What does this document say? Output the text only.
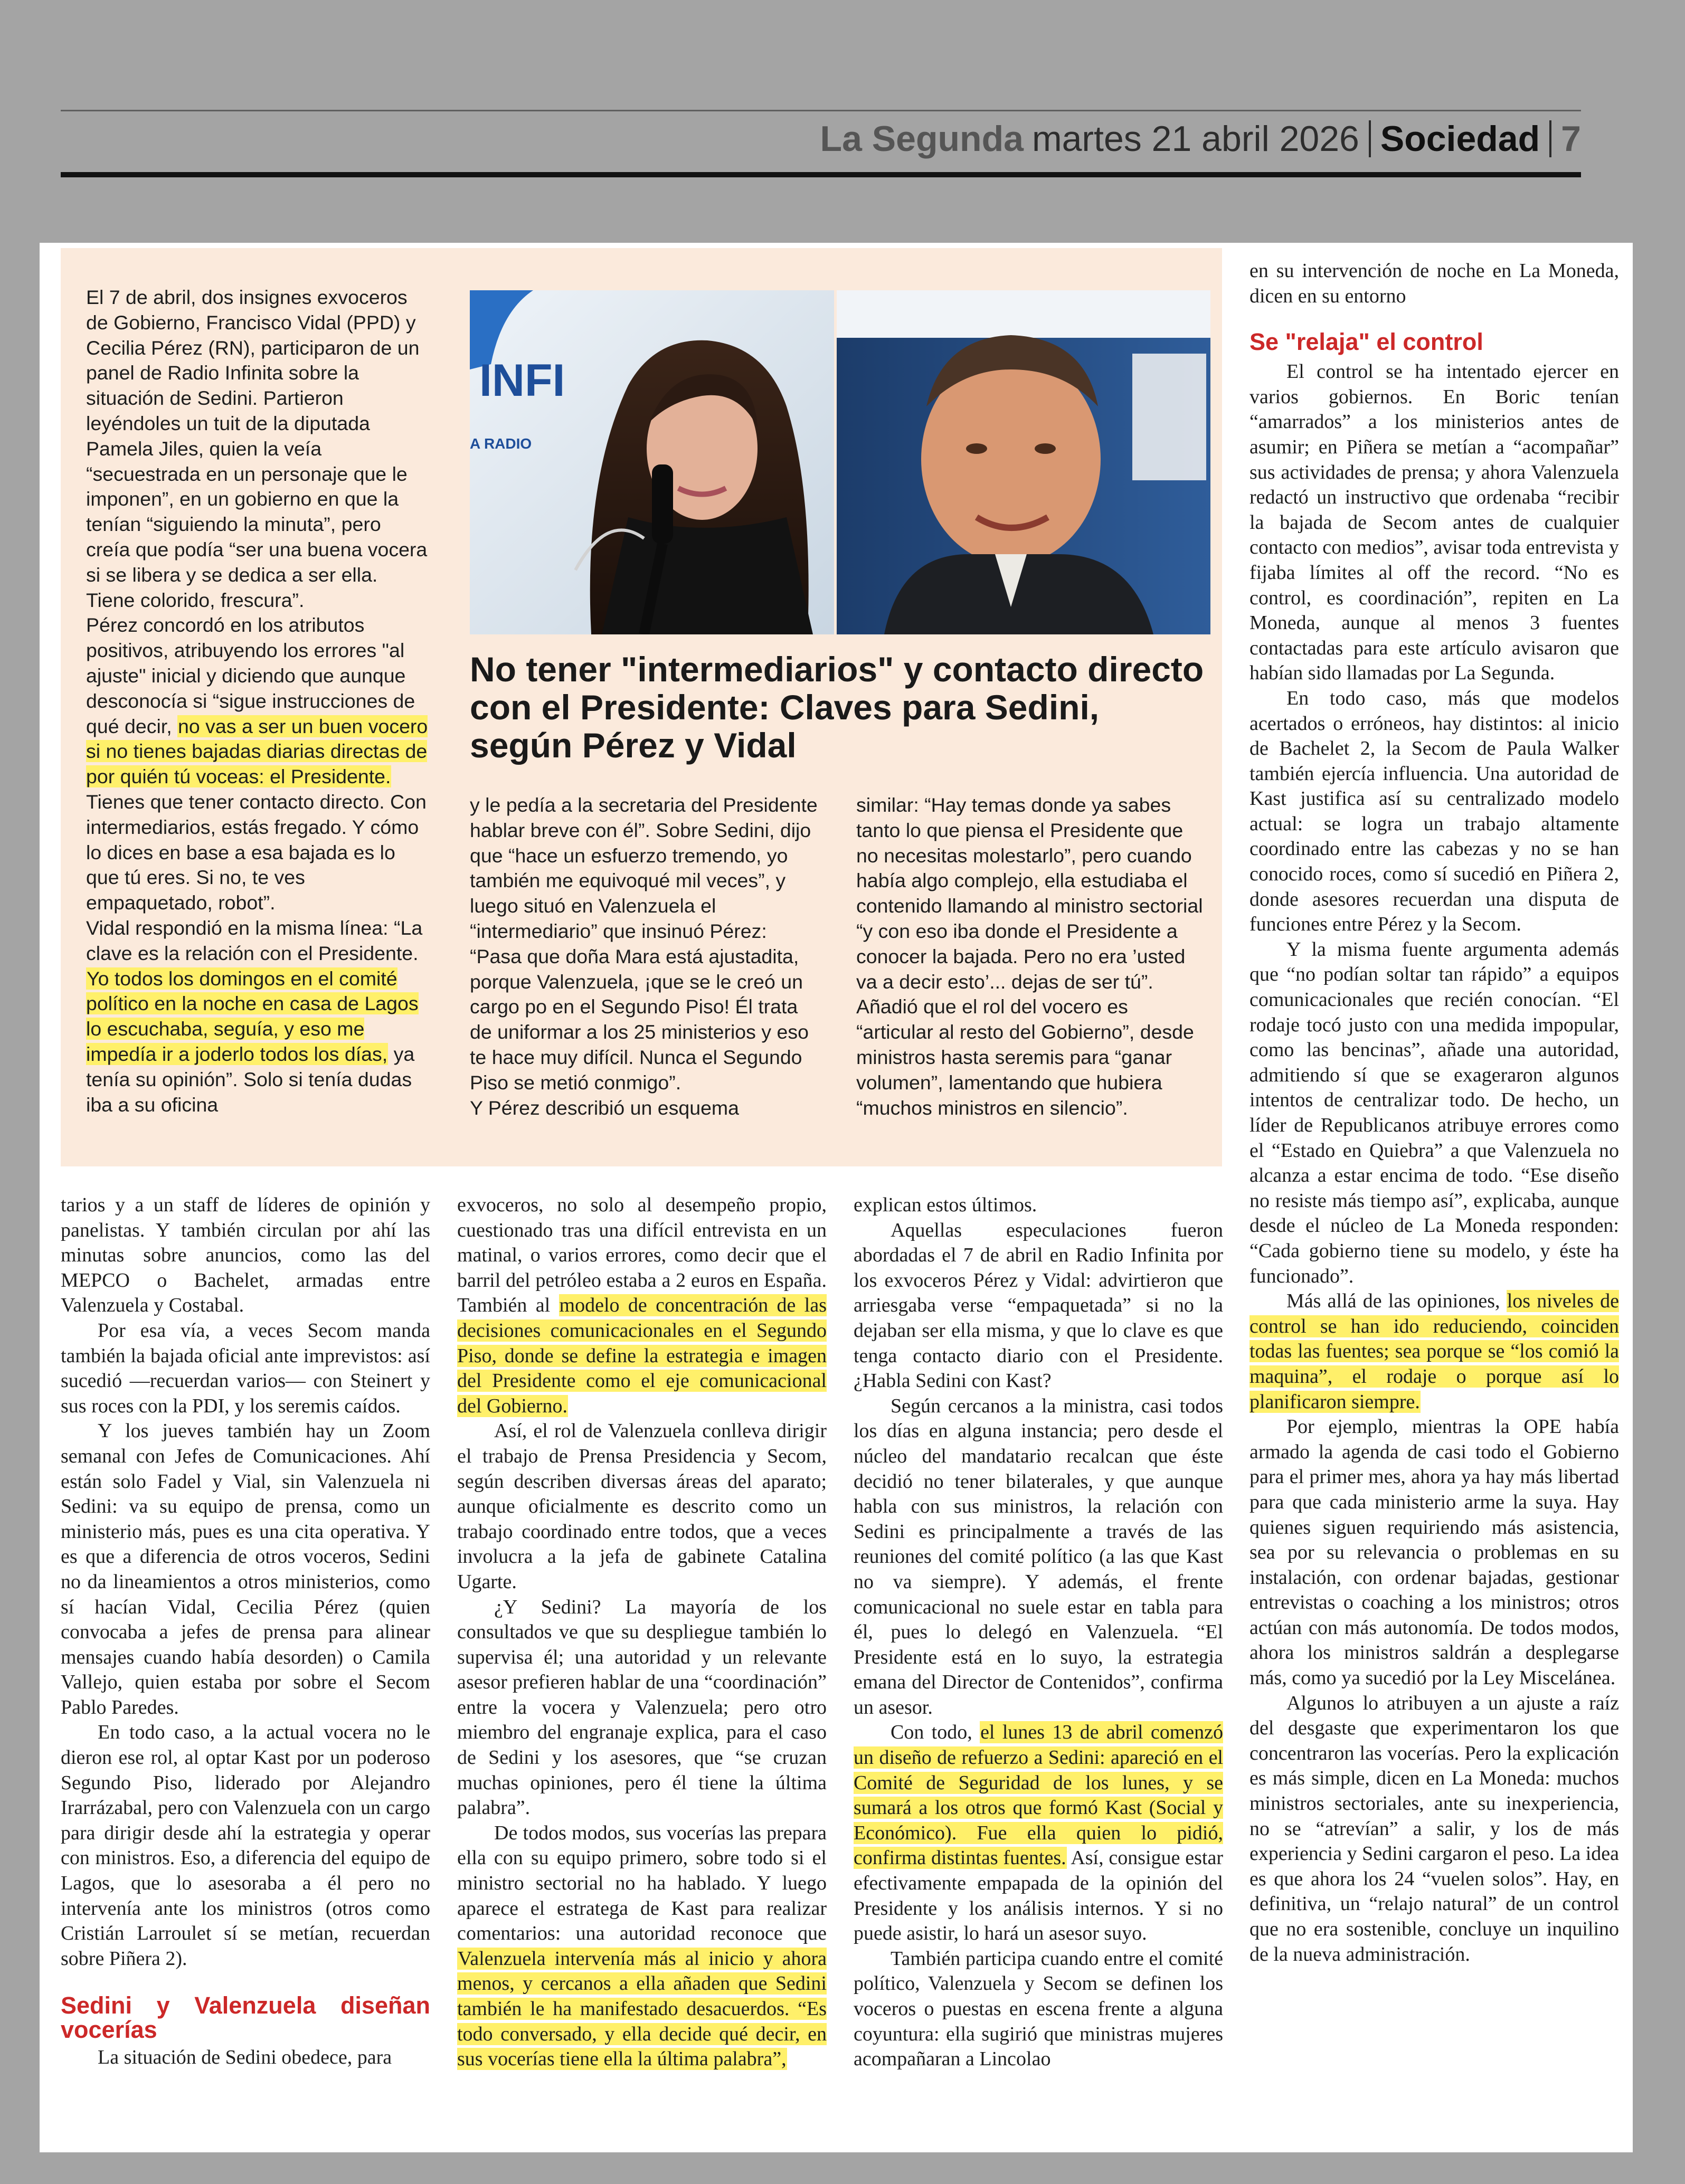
La Segunda martes 21 abril 2026 Sociedad 7

El 7 de abril, dos insignes exvoceros de Gobierno, Francisco Vidal (PPD) y Cecilia Pérez (RN), participaron de un panel de Radio Infinita sobre la situación de Sedini. Partieron leyéndoles un tuit de la diputada Pamela Jiles, quien la veía “secuestrada en un personaje que le imponen”, en un gobierno en que la tenían “siguiendo la minuta”, pero creía que podía “ser una buena vocera si se libera y se dedica a ser ella. Tiene colorido, frescura”.

Pérez concordó en los atributos positivos, atribuyendo los errores "al ajuste" inicial y diciendo que aunque desconocía si “sigue instrucciones de qué decir, no vas a ser un buen vocero si no tienes bajadas diarias directas de por quién tú voceas: el Presidente. Tienes que tener contacto directo. Con intermediarios, estás fregado. Y cómo lo dices en base a esa bajada es lo que tú eres. Si no, te ves empaquetado, robot”.

Vidal respondió en la misma línea: “La clave es la relación con el Presidente. Yo todos los domingos en el comité político en la noche en casa de Lagos lo escuchaba, seguía, y eso me impedía ir a joderlo todos los días, ya tenía su opinión”. Solo si tenía dudas iba a su oficina

INFI
A RADIO
No tener "intermediarios" y contacto directo con el Presidente: Claves para Sedini, según Pérez y Vidal

y le pedía a la secretaria del Presidente hablar breve con él”. Sobre Sedini, dijo que “hace un esfuerzo tremendo, yo también me equivoqué mil veces”, y luego situó en Valenzuela el “intermediario” que insinuó Pérez: “Pasa que doña Mara está ajustadita, porque Valenzuela, ¡que se le creó un cargo po en el Segundo Piso! Él trata de uniformar a los 25 ministerios y eso te hace muy difícil. Nunca el Segundo Piso se metió conmigo”.

Y Pérez describió un esquema

similar: “Hay temas donde ya sabes tanto lo que piensa el Presidente que no necesitas molestarlo”, pero cuando había algo complejo, ella estudiaba el contenido llamando al ministro sectorial “y con eso iba donde el Presidente a conocer la bajada. Pero no era ’usted va a decir esto’... dejas de ser tú”. Añadió que el rol del vocero es “articular al resto del Gobierno”, desde ministros hasta seremis para “ganar volumen”, lamentando que hubiera “muchos ministros en silencio”.

tarios y a un staff de líderes de opinión y panelistas. Y también circulan por ahí las minutas sobre anuncios, como las del MEPCO o Bachelet, armadas entre Valenzuela y Costabal.

Por esa vía, a veces Secom manda también la bajada oficial ante imprevistos: así sucedió —recuerdan varios— con Steinert y sus roces con la PDI, y los seremis caídos.

Y los jueves también hay un Zoom semanal con Jefes de Comunicaciones. Ahí están solo Fadel y Vial, sin Valenzuela ni Sedini: va su equipo de prensa, como un ministerio más, pues es una cita operativa. Y es que a diferencia de otros voceros, Sedini no da lineamientos a otros ministerios, como sí hacían Vidal, Cecilia Pérez (quien convocaba a jefes de prensa para alinear mensajes cuando había desorden) o Camila Vallejo, quien estaba por sobre el Secom Pablo Paredes.

En todo caso, a la actual vocera no le dieron ese rol, al optar Kast por un poderoso Segundo Piso, liderado por Alejandro Irarrázabal, pero con Valenzuela con un cargo para dirigir desde ahí la estrategia y operar con ministros. Eso, a diferencia del equipo de Lagos, que lo asesoraba a él pero no intervenía ante los ministros (otros como Cristián Larroulet sí se metían, recuerdan sobre Piñera 2).

Sedini y Valenzuela diseñan vocerías

La situación de Sedini obedece, para

exvoceros, no solo al desempeño propio, cuestionado tras una difícil entrevista en un matinal, o varios errores, como decir que el barril del petróleo estaba a 2 euros en España. También al modelo de concentración de las decisiones comunicacionales en el Segundo Piso, donde se define la estrategia e imagen del Presidente como el eje comunicacional del Gobierno.

Así, el rol de Valenzuela conlleva dirigir el trabajo de Prensa Presidencia y Secom, según describen diversas áreas del aparato; aunque oficialmente es descrito como un trabajo coordinado entre todos, que a veces involucra a la jefa de gabinete Catalina Ugarte.

¿Y Sedini? La mayoría de los consultados ve que su despliegue también lo supervisa él; una autoridad y un relevante asesor prefieren hablar de una “coordinación” entre la vocera y Valenzuela; pero otro miembro del engranaje explica, para el caso de Sedini y los asesores, que “se cruzan muchas opiniones, pero él tiene la última palabra”.

De todos modos, sus vocerías las prepara ella con su equipo primero, sobre todo si el ministro sectorial no ha hablado. Y luego aparece el estratega de Kast para realizar comentarios: una autoridad reconoce que Valenzuela intervenía más al inicio y ahora menos, y cercanos a ella añaden que Sedini también le ha manifestado desacuerdos. “Es todo conversado, y ella decide qué decir, en sus vocerías tiene ella la última palabra”,

explican estos últimos.

Aquellas especulaciones fueron abordadas el 7 de abril en Radio Infinita por los exvoceros Pérez y Vidal: advirtieron que arriesgaba verse “empaquetada” si no la dejaban ser ella misma, y que lo clave es que tenga contacto diario con el Presidente. ¿Habla Sedini con Kast?

Según cercanos a la ministra, casi todos los días en alguna instancia; pero desde el núcleo del mandatario recalcan que éste decidió no tener bilaterales, y que aunque habla con sus ministros, la relación con Sedini es principalmente a través de las reuniones del comité político (a las que Kast no va siempre). Y además, el frente comunicacional no suele estar en tabla para él, pues lo delegó en Valenzuela. “El Presidente está en lo suyo, la estrategia emana del Director de Contenidos”, confirma un asesor.

Con todo, el lunes 13 de abril comenzó un diseño de refuerzo a Sedini: apareció en el Comité de Seguridad de los lunes, y se sumará a los otros que formó Kast (Social y Económico). Fue ella quien lo pidió, confirma distintas fuentes. Así, consigue estar efectivamente empapada de la opinión del Presidente y los análisis internos. Y si no puede asistir, lo hará un asesor suyo.

También participa cuando entre el comité político, Valenzuela y Secom se definen los voceros o puestas en escena frente a alguna coyuntura: ella sugirió que ministras mujeres acompañaran a Lincolao

en su intervención de noche en La Moneda, dicen en su entorno

Se "relaja" el control

El control se ha intentado ejercer en varios gobiernos. En Boric tenían “amarrados” a los ministerios antes de asumir; en Piñera se metían a “acompañar” sus actividades de prensa; y ahora Valenzuela redactó un instructivo que ordenaba “recibir la bajada de Secom antes de cualquier contacto con medios”, avisar toda entrevista y fijaba límites al off the record. “No es control, es coordinación”, repiten en La Moneda, aunque al menos 3 fuentes contactadas para este artículo avisaron que habían sido llamadas por La Segunda.

En todo caso, más que modelos acertados o erróneos, hay distintos: al inicio de Bachelet 2, la Secom de Paula Walker también ejercía influencia. Una autoridad de Kast justifica así su centralizado modelo actual: se logra un trabajo altamente coordinado entre las cabezas y no se han conocido roces, como sí sucedió en Piñera 2, donde asesores recuerdan una disputa de funciones entre Pérez y la Secom.

Y la misma fuente argumenta además que “no podían soltar tan rápido” a equipos comunicacionales que recién conocían. “El rodaje tocó justo con una medida impopular, como las bencinas”, añade una autoridad, admitiendo sí que se exageraron algunos intentos de centralizar todo. De hecho, un líder de Republicanos atribuye errores como el “Estado en Quiebra” a que Valenzuela no alcanza a estar encima de todo. “Ese diseño no resiste más tiempo así”, explicaba, aunque desde el núcleo de La Moneda responden: “Cada gobierno tiene su modelo, y éste ha funcionado”.

Más allá de las opiniones, los niveles de control se han ido reduciendo, coinciden todas las fuentes; sea porque se “los comió la maquina”, el rodaje o porque así lo planificaron siempre.

Por ejemplo, mientras la OPE había armado la agenda de casi todo el Gobierno para el primer mes, ahora ya hay más libertad para que cada ministerio arme la suya. Hay quienes siguen requiriendo más asistencia, sea por su relevancia o problemas en su instalación, con ordenar bajadas, gestionar entrevistas o coaching a los ministros; otros actúan con más autonomía. De todos modos, ahora los ministros saldrán a desplegarse más, como ya sucedió por la Ley Miscelánea.

Algunos lo atribuyen a un ajuste a raíz del desgaste que experimentaron los que concentraron las vocerías. Pero la explicación es más simple, dicen en La Moneda: muchos ministros sectoriales, ante su inexperiencia, no se “atrevían” a salir, y los de más experiencia y Sedini cargaron el peso. La idea es que ahora los 24 “vuelen solos”. Hay, en definitiva, un “relajo natural” de un control que no era sostenible, concluye un inquilino de la nueva administración.
